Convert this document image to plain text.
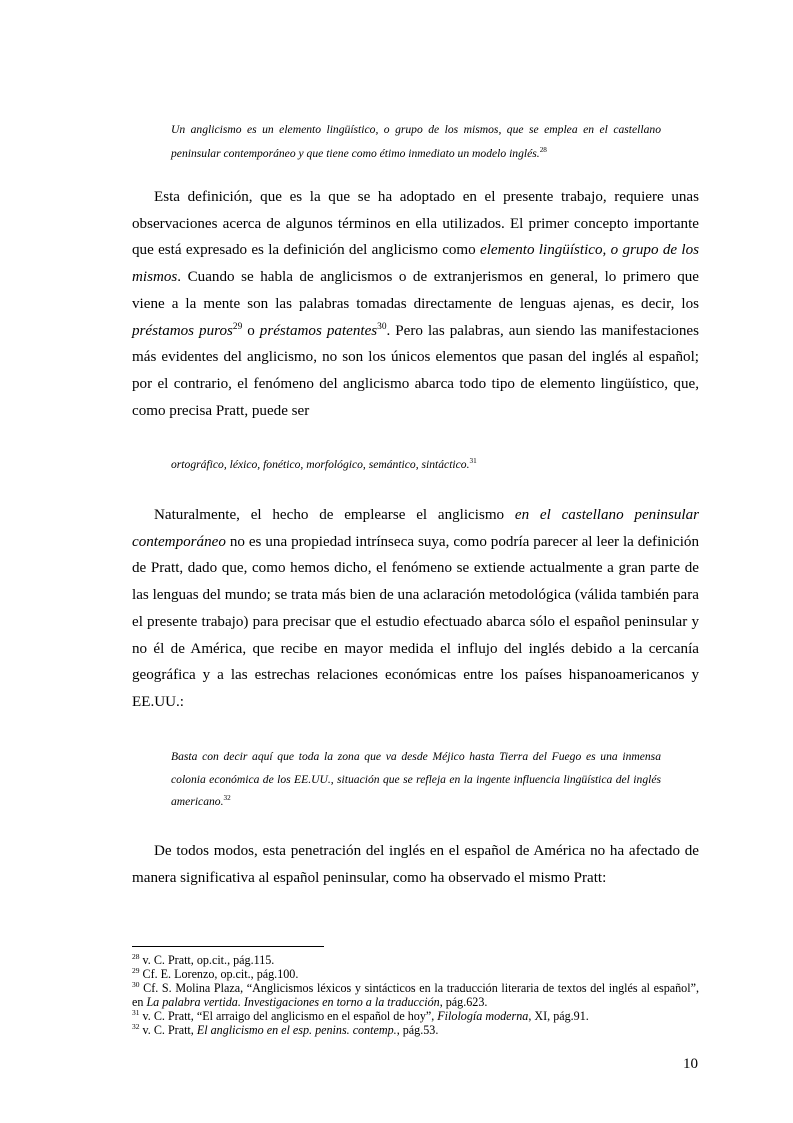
Un anglicismo es un elemento lingüístico, o grupo de los mismos, que se emplea en el castellano peninsular contemporáneo y que tiene como étimo inmediato un modelo inglés.$^{28}$

Esta definición, que es la que se ha adoptado en el presente trabajo, requiere unas observaciones acerca de algunos términos en ella utilizados. El primer concepto importante que está expresado es la definición del anglicismo como elemento lingüístico, o grupo de los mismos. Cuando se habla de anglicismos o de extranjerismos en general, lo primero que viene a la mente son las palabras tomadas directamente de lenguas ajenas, es decir, los préstamos puros$^{29}$ o préstamos patentes$^{30}$. Pero las palabras, aun siendo las manifestaciones más evidentes del anglicismo, no son los únicos elementos que pasan del inglés al español; por el contrario, el fenómeno del anglicismo abarca todo tipo de elemento lingüístico, que, como precisa Pratt, puede ser

ortográfico, léxico, fonético, morfológico, semántico, sintáctico.$^{31}$

Naturalmente, el hecho de emplearse el anglicismo en el castellano peninsular contemporáneo no es una propiedad intrínseca suya, como podría parecer al leer la definición de Pratt, dado que, como hemos dicho, el fenómeno se extiende actualmente a gran parte de las lenguas del mundo; se trata más bien de una aclaración metodológica (válida también para el presente trabajo) para precisar que el estudio efectuado abarca sólo el español peninsular y no él de América, que recibe en mayor medida el influjo del inglés debido a la cercanía geográfica y a las estrechas relaciones económicas entre los países hispanoamericanos y EE.UU.:

Basta con decir aquí que toda la zona que va desde Méjico hasta Tierra del Fuego es una inmensa colonia económica de los EE.UU., situación que se refleja en la ingente influencia lingüística del inglés americano.$^{32}$

De todos modos, esta penetración del inglés en el español de América no ha afectado de manera significativa al español peninsular, como ha observado el mismo Pratt:

$^{28}$ v. C. Pratt, op.cit., pág.115.
$^{29}$ Cf. E. Lorenzo, op.cit., pág.100.
$^{30}$ Cf. S. Molina Plaza, “Anglicismos léxicos y sintácticos en la traducción literaria de textos del inglés al español”, en La palabra vertida. Investigaciones en torno a la traducción, pág.623.
$^{31}$ v. C. Pratt, “El arraigo del anglicismo en el español de hoy”, Filología moderna, XI, pág.91.
$^{32}$ v. C. Pratt, El anglicismo en el esp. penins. contemp., pág.53.
10
